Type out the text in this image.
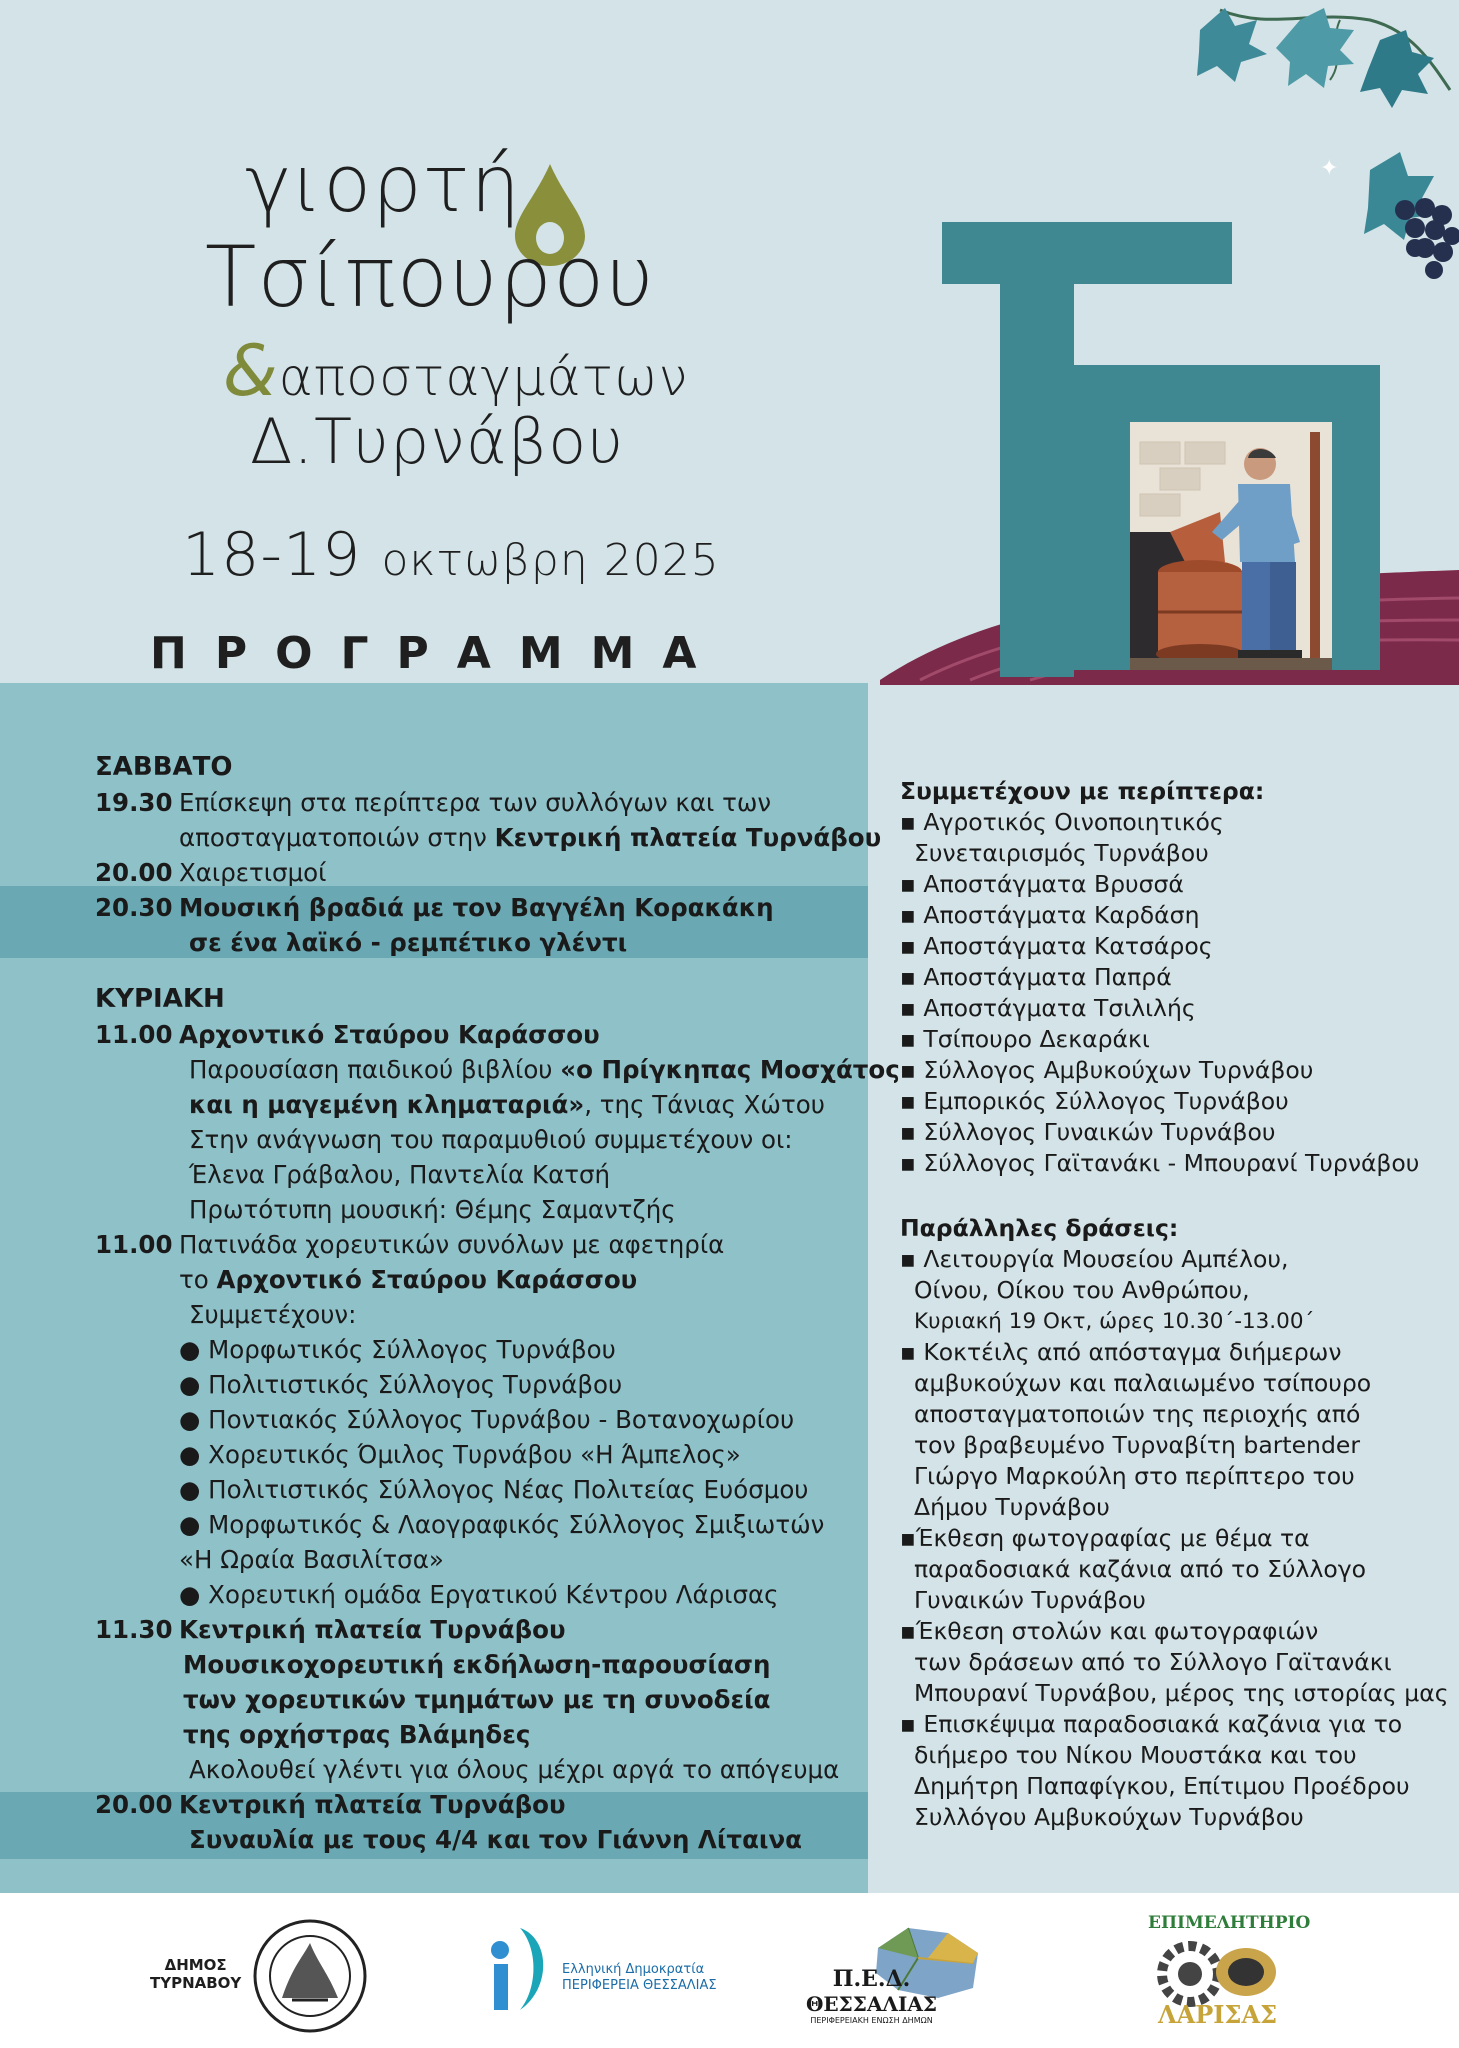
γιορτή
Τσίπουρου
&αποσταγμάτων
Δ.Τυρνάβου
18-19 οκτωβρη 2025
ΠΡΟΓΡΑΜΜΑ
✦
ΣΑΒΒΑΤΟ
19.30 Επίσκεψη στα περίπτερα των συλλόγων και των
αποσταγματοποιών στην Κεντρική πλατεία Τυρνάβου
20.00 Χαιρετισμοί
20.30 Μουσική βραδιά με τον Βαγγέλη Κορακάκη
σε ένα λαϊκό - ρεμπέτικο γλέντι
ΚΥΡΙΑΚΗ
11.00 Αρχοντικό Σταύρου Καράσσου
Παρουσίαση παιδικού βιβλίου «ο Πρίγκηπας Μοσχάτος
και η μαγεμένη κληματαριά», της Τάνιας Χώτου
Στην ανάγνωση του παραμυθιού συμμετέχουν οι:
Έλενα Γράβαλου, Παντελία Κατσή
Πρωτότυπη μουσική: Θέμης Σαμαντζής
11.00 Πατινάδα χορευτικών συνόλων με αφετηρία
το Αρχοντικό Σταύρου Καράσσου
Συμμετέχουν:
● Μορφωτικός Σύλλογος Τυρνάβου
● Πολιτιστικός Σύλλογος Τυρνάβου
● Ποντιακός Σύλλογος Τυρνάβου - Βοτανοχωρίου
● Χορευτικός Όμιλος Τυρνάβου «Η Άμπελος»
● Πολιτιστικός Σύλλογος Νέας Πολιτείας Ευόσμου
● Μορφωτικός & Λαογραφικός Σύλλογος Σμιξιωτών
«Η Ωραία Βασιλίτσα»
● Χορευτική ομάδα Εργατικού Κέντρου Λάρισας
11.30 Κεντρική πλατεία Τυρνάβου
Μουσικοχορευτική εκδήλωση-παρουσίαση
των χορευτικών τμημάτων με τη συνοδεία
της ορχήστρας Βλάμηδες
Ακολουθεί γλέντι για όλους μέχρι αργά το απόγευμα
20.00 Κεντρική πλατεία Τυρνάβου
Συναυλία με τους 4/4 και τον Γιάννη Λίταινα
Συμμετέχουν με περίπτερα:
▪ Αγροτικός Οινοποιητικός
Συνεταιρισμός Τυρνάβου
▪ Αποστάγματα Βρυσσά
▪ Αποστάγματα Καρδάση
▪ Αποστάγματα Κατσάρος
▪ Αποστάγματα Παπρά
▪ Αποστάγματα Τσιλιλής
▪ Τσίπουρο Δεκαράκι
▪ Σύλλογος Αμβυκούχων Τυρνάβου
▪ Εμπορικός Σύλλογος Τυρνάβου
▪ Σύλλογος Γυναικών Τυρνάβου
▪ Σύλλογος Γαϊτανάκι - Μπουρανί Τυρνάβου
Παράλληλες δράσεις:
▪ Λειτουργία Μουσείου Αμπέλου,
Οίνου, Οίκου του Ανθρώπου,
Κυριακή 19 Οκτ, ώρες 10.30΄-13.00΄
▪ Κοκτέιλς από απόσταγμα διήμερων
αμβυκούχων και παλαιωμένο τσίπουρο
αποσταγματοποιών της περιοχής από
τον βραβευμένο Τυρναβίτη bartender
Γιώργο Μαρκούλη στο περίπτερο του
Δήμου Τυρνάβου
▪Έκθεση φωτογραφίας με θέμα τα
παραδοσιακά καζάνια από το Σύλλογο
Γυναικών Τυρνάβου
▪Έκθεση στολών και φωτογραφιών
των δράσεων από το Σύλλογο Γαϊτανάκι
Μπουρανί Τυρνάβου, μέρος της ιστορίας μας
▪ Επισκέψιμα παραδοσιακά καζάνια για το
διήμερο του Νίκου Μουστάκα και του
Δημήτρη Παπαφίγκου, Επίτιμου Προέδρου
Συλλόγου Αμβυκούχων Τυρνάβου
ΔΗΜΟΣ
ΤΥΡΝΑΒΟΥ
Ελληνική Δημοκρατία
ΠΕΡΙΦΕΡΕΙΑ ΘΕΣΣΑΛΙΑΣ	Π.Ε.Δ.
ΘΕΣΣΑΛΙΑΣ
ΠΕΡΙΦΕΡΕΙΑΚΗ ΕΝΩΣΗ ΔΗΜΩΝ
ΕΠΙΜΕΛΗΤΗΡΙΟ
ΛΑΡΙΣΑΣ
